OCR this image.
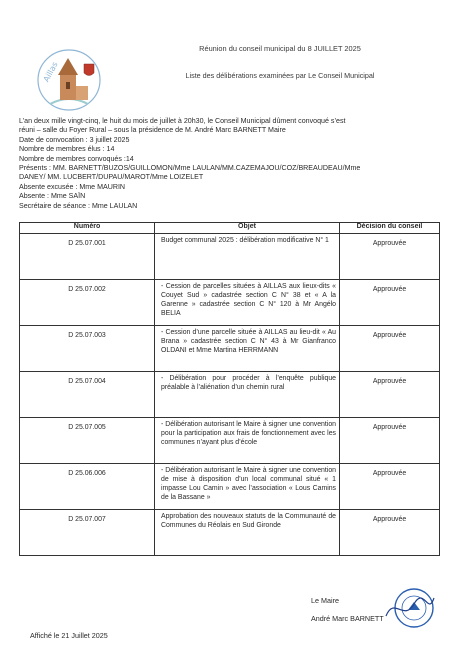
Aillas
Réunion du conseil municipal du 8 JUILLET 2025
Liste des délibérations examinées par Le Conseil Municipal
L’an deux mille vingt-cinq, le huit du mois de juillet à 20h30, le Conseil Municipal dûment convoqué s’est
réuni – salle du Foyer Rural – sous la présidence de M. André Marc BARNETT Maire
Date de convocation : 3 juillet 2025
Nombre de membres élus : 14
Nombre de membres convoqués :14
Présents : MM. BARNETT/BUZOS/GUILLOMON/Mme LAULAN/MM.CAZEMAJOU/COZ/BREAUDEAU/Mme
DANEY/ MM. LUCBERT/DUPAU/MAROT/Mme LOIZELET
Absente excusée : Mme MAURIN
Absente : Mme SAÏN
Secrétaire de séance : Mme LAULAN
Numéro	Objet	Décision du conseil
D 25.07.001	Budget communal 2025 : délibération modificative N° 1	Approuvée
D 25.07.002	- Cession de parcelles situées à AILLAS aux lieux-dits « Couyet Sud » cadastrée section C N° 38 et « A la Garenne » cadastrée section C N° 120 à Mr Angélo BELIA	Approuvée
D 25.07.003	- Cession d’une parcelle située à AILLAS au lieu-dit « Au Brana » cadastrée section C N° 43 à Mr Gianfranco OLDANI et Mme Martina HERRMANN	Approuvée
D 25.07.004	- Délibération pour procéder à l’enquête publique préalable à l’aliénation d’un chemin rural	Approuvée
D 25.07.005	- Délibération autorisant le Maire à signer une convention pour la participation aux frais de fonctionnement avec les communes n’ayant plus d’école	Approuvée
D 25.06.006	- Délibération autorisant le Maire à signer une convention de mise à disposition d’un local communal situé « 1 impasse Lou Camin » avec l’association « Lous Camins de la Bassane »	Approuvée
D 25.07.007	Approbation des nouveaux statuts de la Communauté de Communes du Réolais en Sud Gironde	Approuvée
Le Maire
André Marc BARNETT
Affiché le 21 Juillet 2025
